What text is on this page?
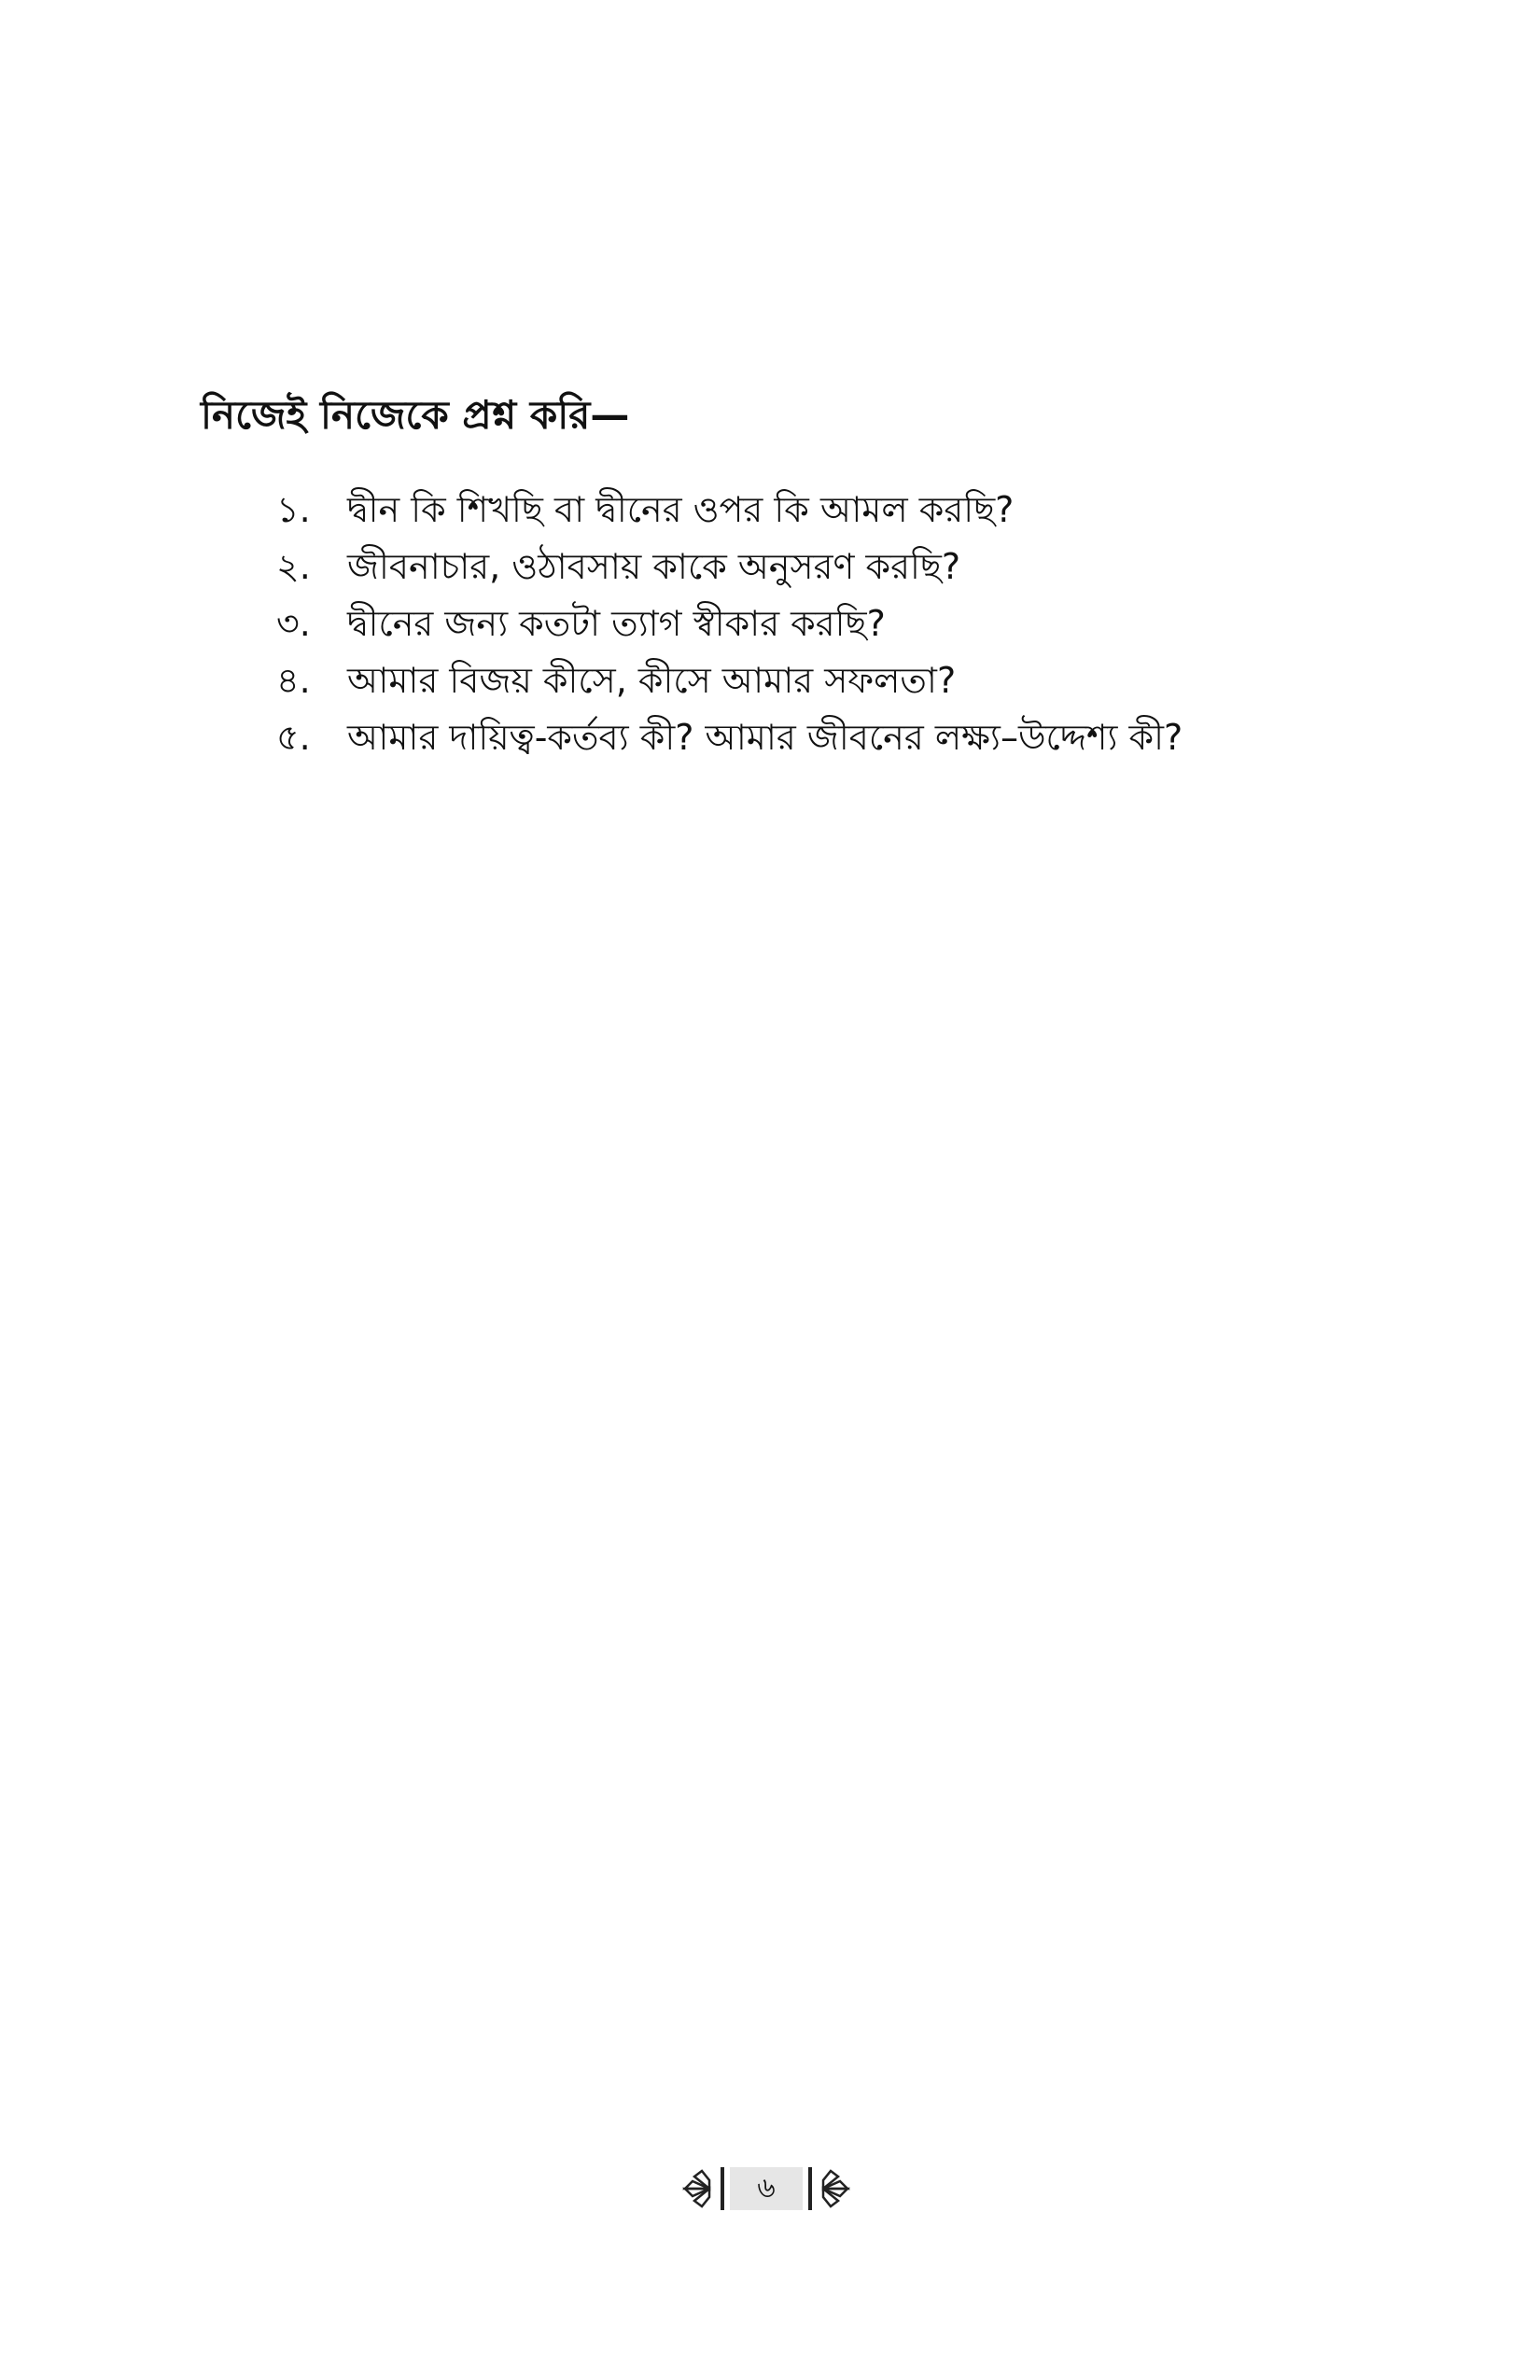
নিজেই নিজেকে প্রশ্ন করি—
১.	দ্বীন কি শিখছি বা দ্বীনের ওপর কি আমল করছি?
২.	জীবনাচার, ওঠাবসায় কাকে অনুসরণ করছি?
৩.	দ্বীনের জন্য কতটা ত্যাগ স্বীকার করছি?
৪.	আমার বিজয় কীসে, কীসে আমার সফলতা?
৫.	আমার দায়িত্ব-কর্তব্য কী? আমার জীবনের লক্ষ্য–উদ্দেশ্য কী?
৬
